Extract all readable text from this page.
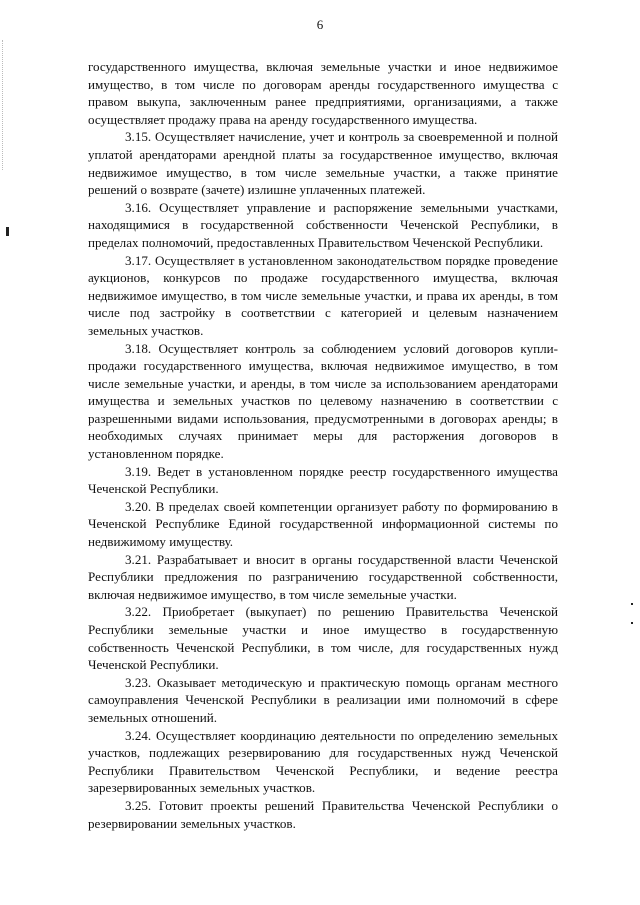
6

государственного имущества, включая земельные участки и иное недвижимое имущество, в том числе по договорам аренды государственного имущества с правом выкупа, заключенным ранее предприятиями, организациями, а также осуществляет продажу права на аренду государственного имущества.

3.15. Осуществляет начисление, учет и контроль за своевременной и полной уплатой арендаторами арендной платы за государственное имущество, включая недвижимое имущество, в том числе земельные участки, а также принятие решений о возврате (зачете) излишне уплаченных платежей.

3.16. Осуществляет управление и распоряжение земельными участками, находящимися в государственной собственности Чеченской Республики, в пределах полномочий, предоставленных Правительством Чеченской Республики.

3.17. Осуществляет в установленном законодательством порядке проведение аукционов, конкурсов по продаже государственного имущества, включая недвижимое имущество, в том числе земельные участки, и права их аренды, в том числе под застройку в соответствии с категорией и целевым назначением земельных участков.

3.18. Осуществляет контроль за соблюдением условий договоров купли-продажи государственного имущества, включая недвижимое имущество, в том числе земельные участки, и аренды, в том числе за использованием арендаторами имущества и земельных участков по целевому назначению в соответствии с разрешенными видами использования, предусмотренными в договорах аренды; в необходимых случаях принимает меры для расторжения договоров в установленном порядке.

3.19. Ведет в установленном порядке реестр государственного имущества Чеченской Республики.

3.20. В пределах своей компетенции организует работу по формированию в Чеченской Республике Единой государственной информационной системы по недвижимому имуществу.

3.21. Разрабатывает и вносит в органы государственной власти Чеченской Республики предложения по разграничению государственной собственности, включая недвижимое имущество, в том числе земельные участки.

3.22. Приобретает (выкупает) по решению Правительства Чеченской Республики земельные участки и иное имущество в государственную собственность Чеченской Республики, в том числе, для государственных нужд Чеченской Республики.

3.23. Оказывает методическую и практическую помощь органам местного самоуправления Чеченской Республики в реализации ими полномочий в сфере земельных отношений.

3.24. Осуществляет координацию деятельности по определению земельных участков, подлежащих резервированию для государственных нужд Чеченской Республики Правительством Чеченской Республики, и ведение реестра зарезервированных земельных участков.

3.25. Готовит проекты решений Правительства Чеченской Республики о резервировании земельных участков.
